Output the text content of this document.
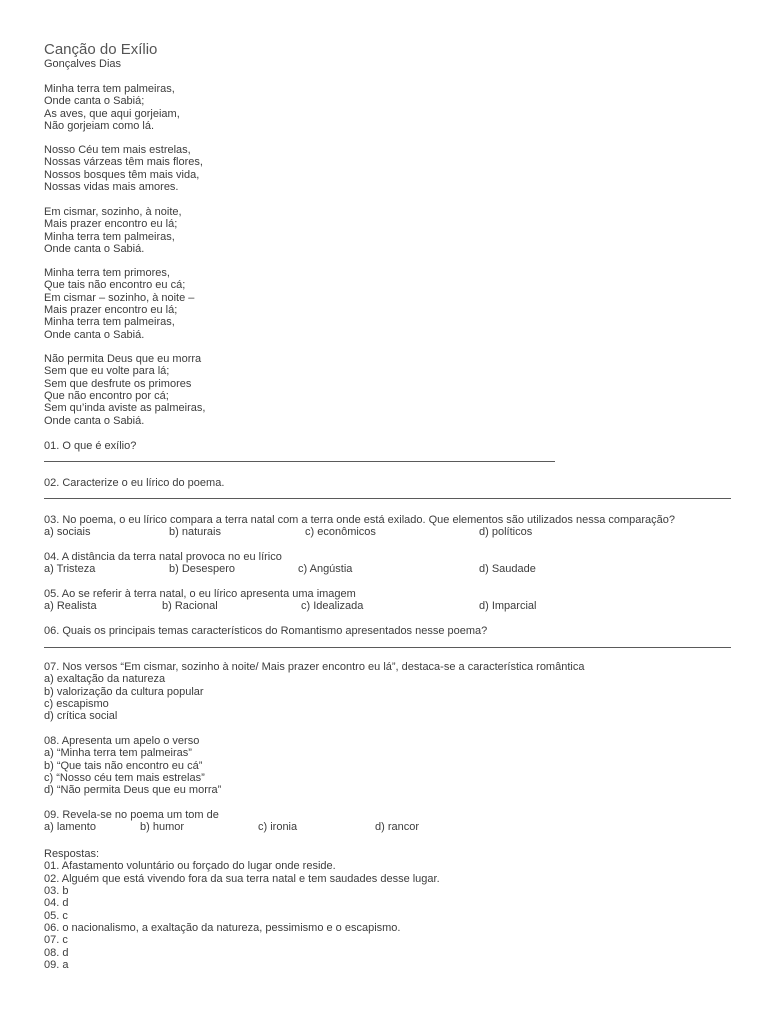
Canção do Exílio
Gonçalves Dias
Minha terra tem palmeiras,
Onde canta o Sabiá;
As aves, que aqui gorjeiam,
Não gorjeiam como lá.
Nosso Céu tem mais estrelas,
Nossas várzeas têm mais flores,
Nossos bosques têm mais vida,
Nossas vidas mais amores.
Em cismar, sozinho, à noite,
Mais prazer encontro eu lá;
Minha terra tem palmeiras,
Onde canta o Sabiá.
Minha terra tem primores,
Que tais não encontro eu cá;
Em cismar – sozinho, à noite –
Mais prazer encontro eu lá;
Minha terra tem palmeiras,
Onde canta o Sabiá.
Não permita Deus que eu morra
Sem que eu volte para lá;
Sem que desfrute os primores
Que não encontro por cá;
Sem qu’inda aviste as palmeiras,
Onde canta o Sabiá.
01. O que é exílio?
02. Caracterize o eu lírico do poema.
03. No poema, o eu lírico compara a terra natal com a terra onde está exilado. Que elementos são utilizados nessa comparação?
a) sociais	b) naturais	c) econômicos	d) políticos
04. A distância da terra natal provoca no eu lírico
a) Tristeza	b) Desespero	c) Angústia	d) Saudade
05. Ao se referir à terra natal, o eu lírico apresenta uma imagem
a) Realista	b) Racional	c) Idealizada	d) Imparcial
06. Quais os principais temas característicos do Romantismo apresentados nesse poema?
07. Nos versos “Em cismar, sozinho à noite/ Mais prazer encontro eu lá”, destaca-se a característica romântica
a) exaltação da natureza
b) valorização da cultura popular
c) escapismo
d) crítica social
08. Apresenta um apelo o verso
a) “Minha terra tem palmeiras”
b) “Que tais não encontro eu cá”
c) “Nosso céu tem mais estrelas”
d) “Não permita Deus que eu morra”
09. Revela-se no poema um tom de
a) lamento	b) humor	c) ironia	d) rancor
Respostas:
01. Afastamento voluntário ou forçado do lugar onde reside.
02. Alguém que está vivendo fora da sua terra natal e tem saudades desse lugar.
03. b
04. d
05. c
06. o nacionalismo, a exaltação da natureza, pessimismo e o escapismo.
07. c
08. d
09. a
